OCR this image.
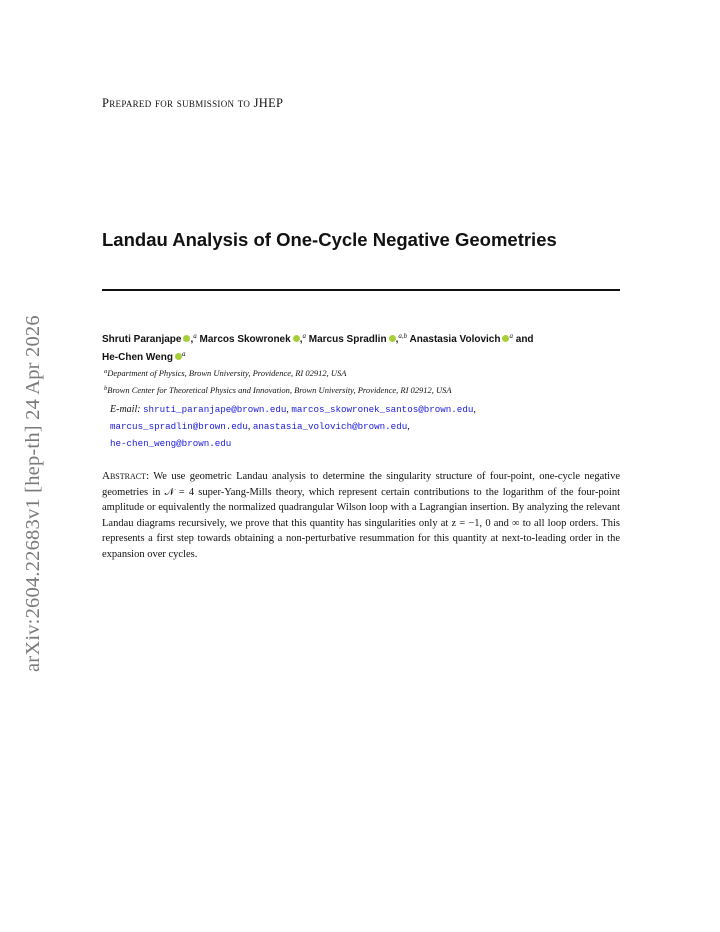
arXiv:2604.22683v1 [hep-th] 24 Apr 2026
Prepared for submission to JHEP
Landau Analysis of One-Cycle Negative Geometries
Shruti Paranjape ,$^a$ Marcos Skowronek ,$^a$ Marcus Spradlin ,$^{a,b}$ Anastasia Volovich $^a$ and
He-Chen Weng $^a$
$^a$Department of Physics, Brown University, Providence, RI 02912, USA
$^b$Brown Center for Theoretical Physics and Innovation, Brown University, Providence, RI 02912, USA
E-mail: shruti_paranjape@brown.edu, marcos_skowronek_santos@brown.edu,
marcus_spradlin@brown.edu, anastasia_volovich@brown.edu,
he-chen_weng@brown.edu
Abstract: We use geometric Landau analysis to determine the singularity structure of four-point, one-cycle negative geometries in 𝒩 = 4 super-Yang-Mills theory, which represent certain contributions to the logarithm of the four-point amplitude or equivalently the normalized quadrangular Wilson loop with a Lagrangian insertion. By analyzing the relevant Landau diagrams recursively, we prove that this quantity has singularities only at z = −1, 0 and ∞ to all loop orders. This represents a first step towards obtaining a non-perturbative resummation for this quantity at next-to-leading order in the expansion over cycles.
